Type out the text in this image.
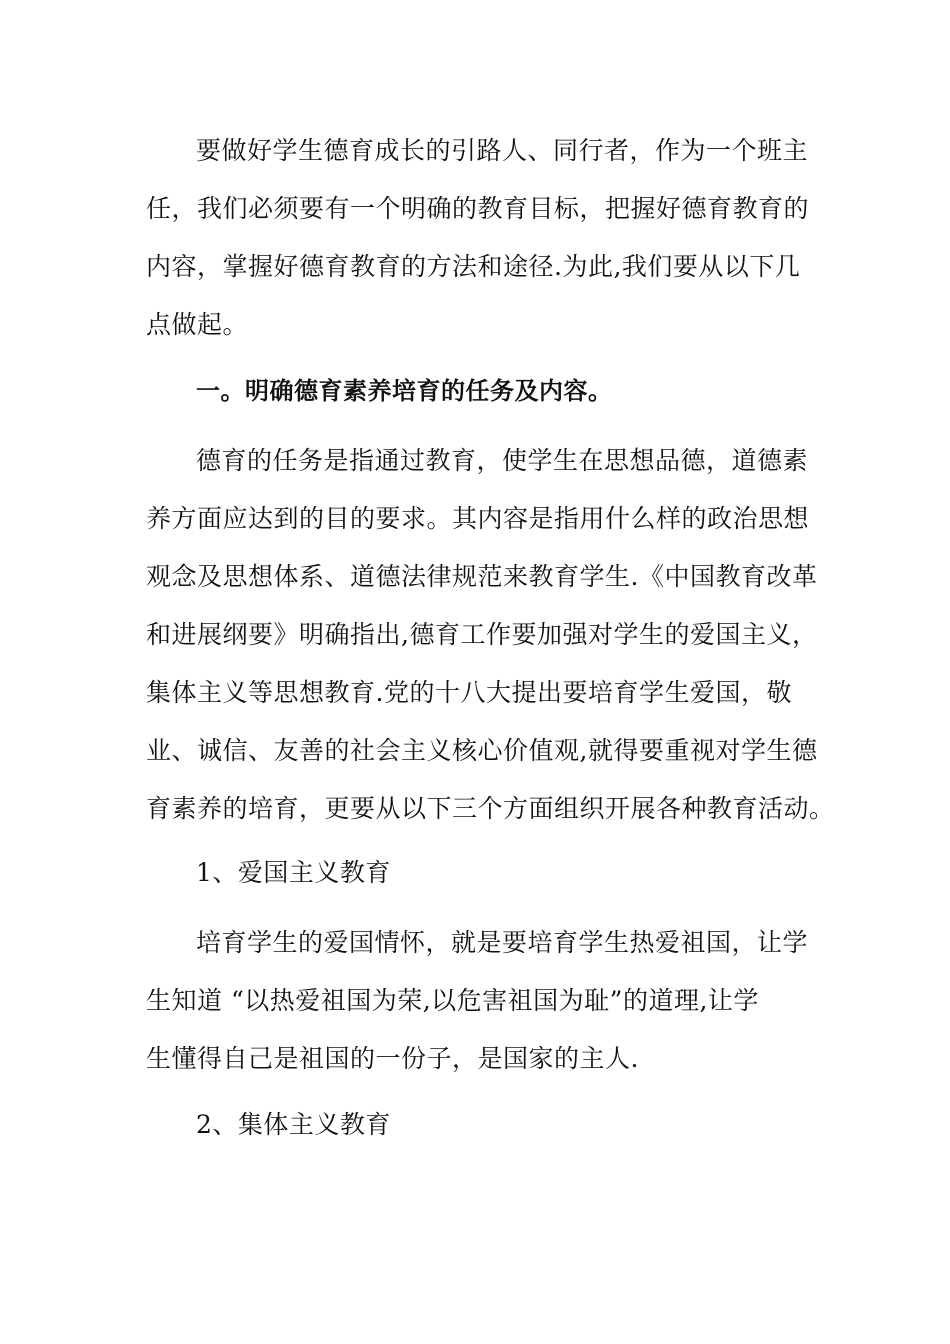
要做好学生德育成长的引路人、同行者，作为一个班主
任，我们必须要有一个明确的教育目标，把握好德育教育的
内容，掌握好德育教育的方法和途径.为此,我们要从以下几
点做起。
一。明确德育素养培育的任务及内容。
德育的任务是指通过教育，使学生在思想品德，道德素
养方面应达到的目的要求。其内容是指用什么样的政治思想
观念及思想体系、道德法律规范来教育学生.《中国教育改革
和进展纲要》明确指出,德育工作要加强对学生的爱国主义，
集体主义等思想教育.党的十八大提出要培育学生爱国，敬
业、诚信、友善的社会主义核心价值观,就得要重视对学生德
育素养的培育，更要从以下三个方面组织开展各种教育活动。
1、爱国主义教育
培育学生的爱国情怀，就是要培育学生热爱祖国，让学
生知道 “以热爱祖国为荣,以危害祖国为耻”的道理,让学
生懂得自己是祖国的一份子，是国家的主人.
2、集体主义教育
